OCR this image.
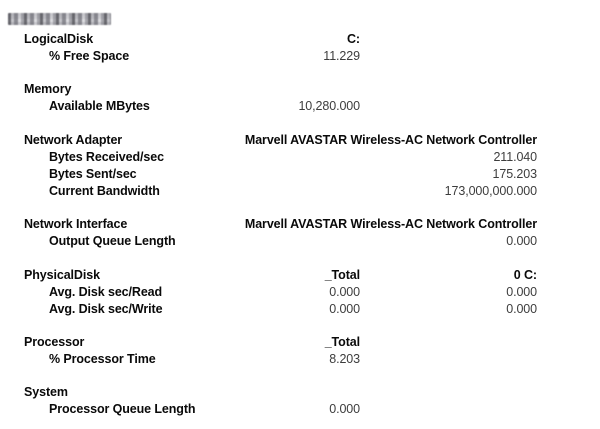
C:
LogicalDisk
11.229
% Free Space
Memory
10,280.000
Available MBytes
Marvell AVASTAR Wireless-AC Network Controller
Network Adapter
211.040
Bytes Received/sec
175.203
Bytes Sent/sec
173,000,000.000
Current Bandwidth
Marvell AVASTAR Wireless-AC Network Controller
Network Interface
0.000
Output Queue Length
0 C:
_Total
PhysicalDisk
0.000
0.000
Avg. Disk sec/Read
0.000
0.000
Avg. Disk sec/Write
_Total
Processor
8.203
% Processor Time
System
0.000
Processor Queue Length
